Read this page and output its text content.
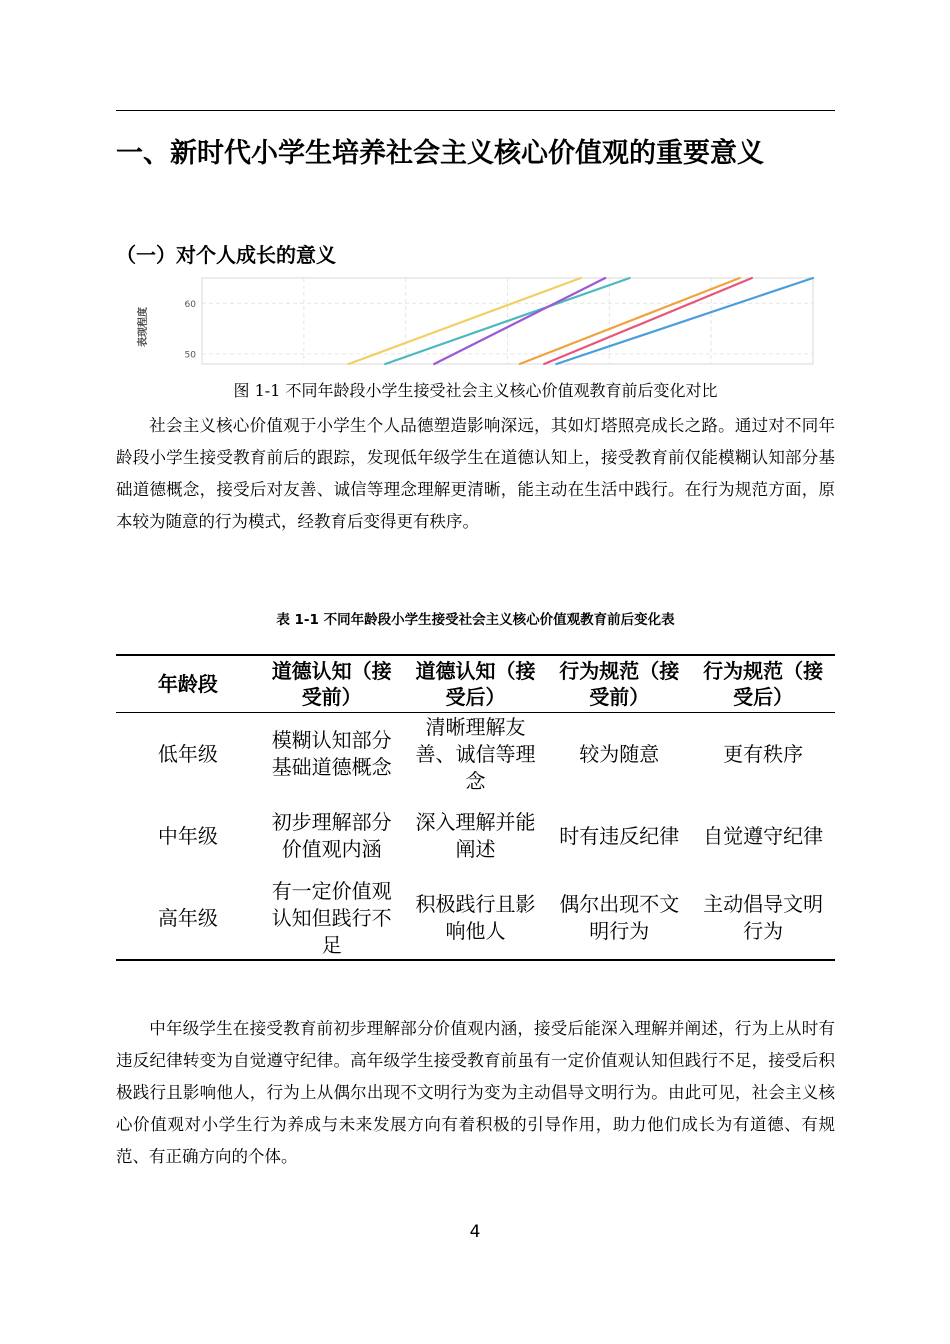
一、新时代小学生培养社会主义核心价值观的重要意义
（一）对个人成长的意义
50
60
表现程度
图 1-1 不同年龄段小学生接受社会主义核心价值观教育前后变化对比

社会主义核心价值观于小学生个人品德塑造影响深远，其如灯塔照亮成长之路。通过对不同年龄段小学生接受教育前后的跟踪，发现低年级学生在道德认知上，接受教育前仅能模糊认知部分基础道德概念，接受后对友善、诚信等理念理解更清晰，能主动在生活中践行。在行为规范方面，原本较为随意的行为模式，经教育后变得更有秩序。

表 1-1 不同年龄段小学生接受社会主义核心价值观教育前后变化表
年龄段	道德认知（接受前）	道德认知（接受后）	行为规范（接受前）	行为规范（接受后）
低年级	模糊认知部分基础道德概念	清晰理解友善、诚信等理念	较为随意	更有秩序
中年级	初步理解部分价值观内涵	深入理解并能阐述	时有违反纪律	自觉遵守纪律
高年级	有一定价值观认知但践行不足	积极践行且影响他人	偶尔出现不文明行为	主动倡导文明行为

中年级学生在接受教育前初步理解部分价值观内涵，接受后能深入理解并阐述，行为上从时有违反纪律转变为自觉遵守纪律。高年级学生接受教育前虽有一定价值观认知但践行不足，接受后积极践行且影响他人，行为上从偶尔出现不文明行为变为主动倡导文明行为。由此可见，社会主义核心价值观对小学生行为养成与未来发展方向有着积极的引导作用，助力他们成长为有道德、有规范、有正确方向的个体。

4
